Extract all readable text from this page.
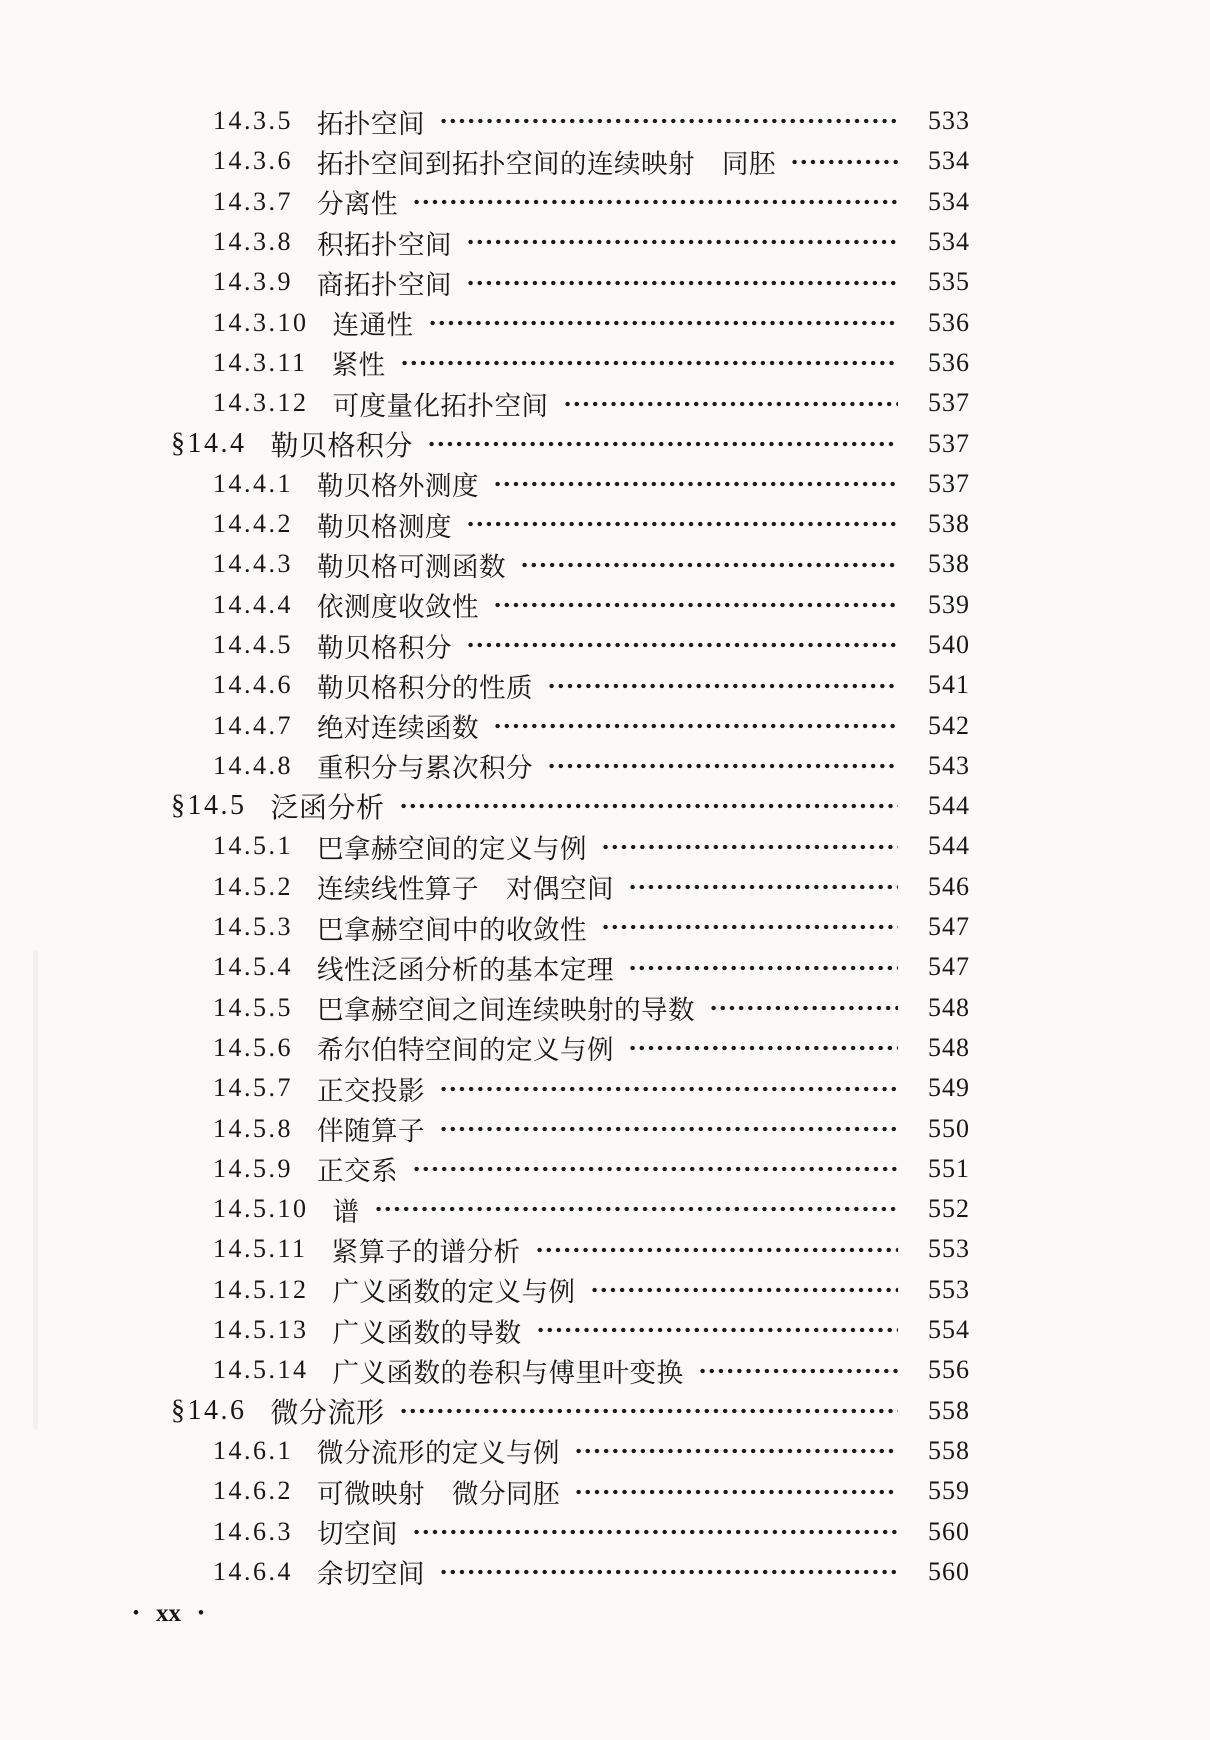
14.3.5 拓扑空间	533
14.3.6 拓扑空间到拓扑空间的连续映射　同胚	534
14.3.7 分离性	534
14.3.8 积拓扑空间	534
14.3.9 商拓扑空间	535
14.3.10 连通性	536
14.3.11 紧性	536
14.3.12 可度量化拓扑空间	537
§14.4 勒贝格积分	537
14.4.1 勒贝格外测度	537
14.4.2 勒贝格测度	538
14.4.3 勒贝格可测函数	538
14.4.4 依测度收敛性	539
14.4.5 勒贝格积分	540
14.4.6 勒贝格积分的性质	541
14.4.7 绝对连续函数	542
14.4.8 重积分与累次积分	543
§14.5 泛函分析	544
14.5.1 巴拿赫空间的定义与例	544
14.5.2 连续线性算子　对偶空间	546
14.5.3 巴拿赫空间中的收敛性	547
14.5.4 线性泛函分析的基本定理	547
14.5.5 巴拿赫空间之间连续映射的导数	548
14.5.6 希尔伯特空间的定义与例	548
14.5.7 正交投影	549
14.5.8 伴随算子	550
14.5.9 正交系	551
14.5.10 谱	552
14.5.11 紧算子的谱分析	553
14.5.12 广义函数的定义与例	553
14.5.13 广义函数的导数	554
14.5.14 广义函数的卷积与傅里叶变换	556
§14.6 微分流形	558
14.6.1 微分流形的定义与例	558
14.6.2 可微映射　微分同胚	559
14.6.3 切空间	560
14.6.4 余切空间	560
• xx •
